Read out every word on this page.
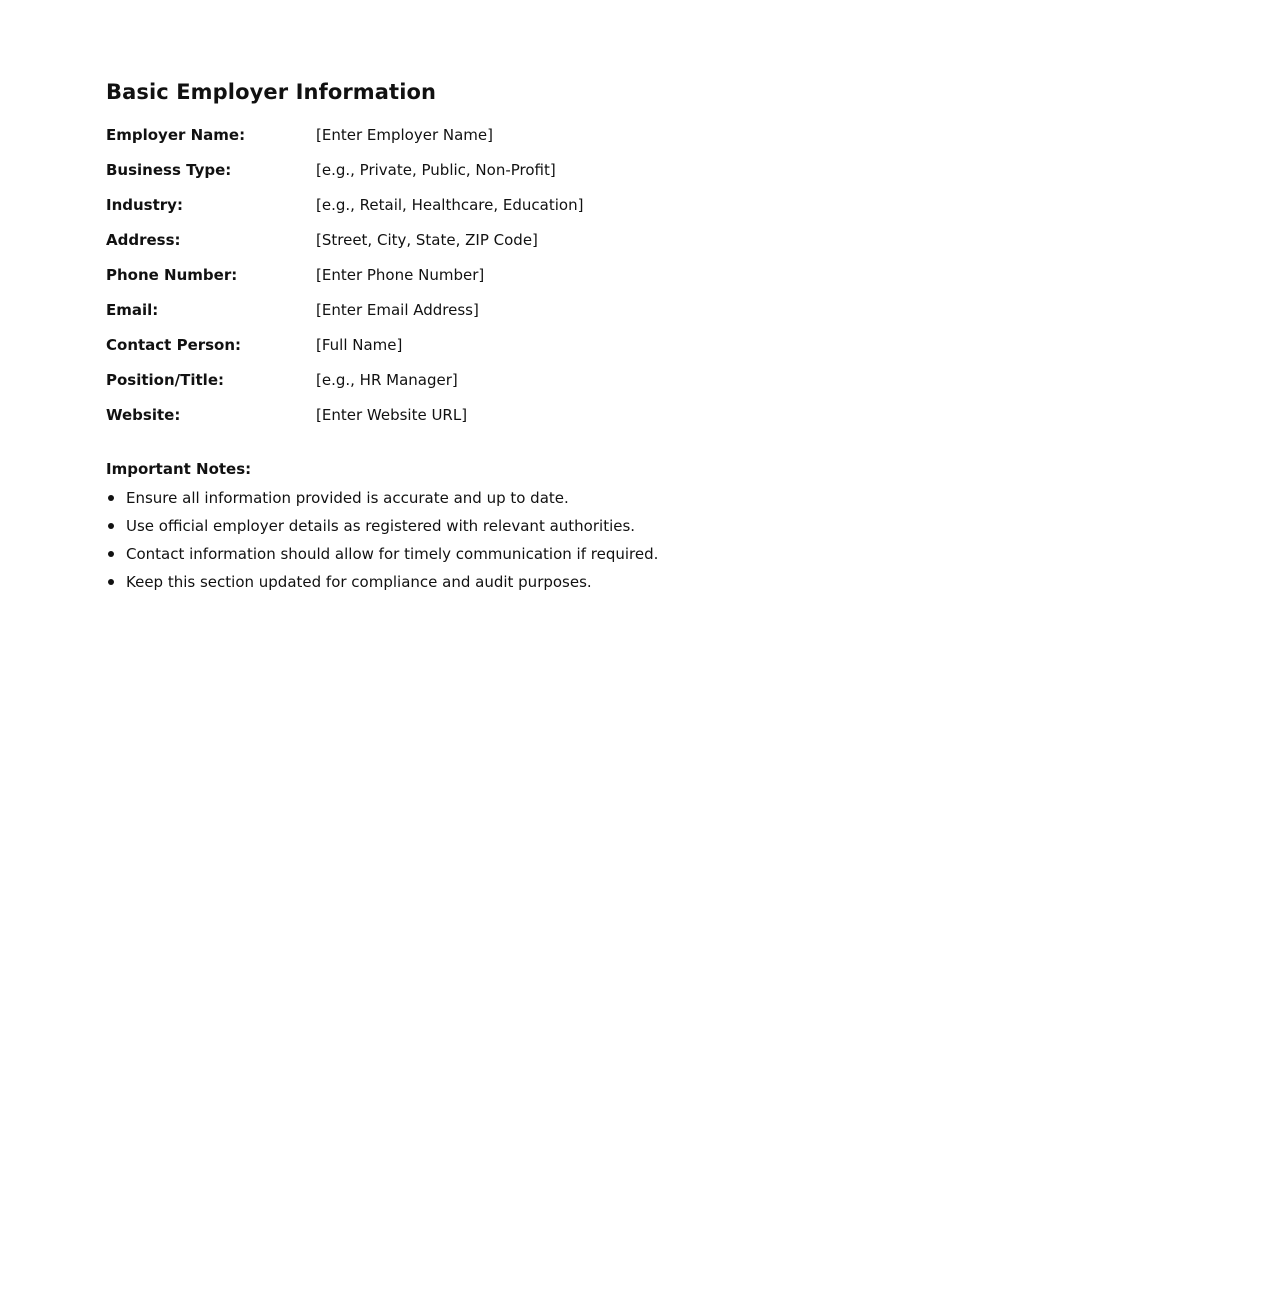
Basic Employer Information
Employer Name:	[Enter Employer Name]
Business Type:	[e.g., Private, Public, Non-Profit]
Industry:	[e.g., Retail, Healthcare, Education]
Address:	[Street, City, State, ZIP Code]
Phone Number:	[Enter Phone Number]
Email:	[Enter Email Address]
Contact Person:	[Full Name]
Position/Title:	[e.g., HR Manager]
Website:	[Enter Website URL]
Important Notes:
Ensure all information provided is accurate and up to date.
Use official employer details as registered with relevant authorities.
Contact information should allow for timely communication if required.
Keep this section updated for compliance and audit purposes.
